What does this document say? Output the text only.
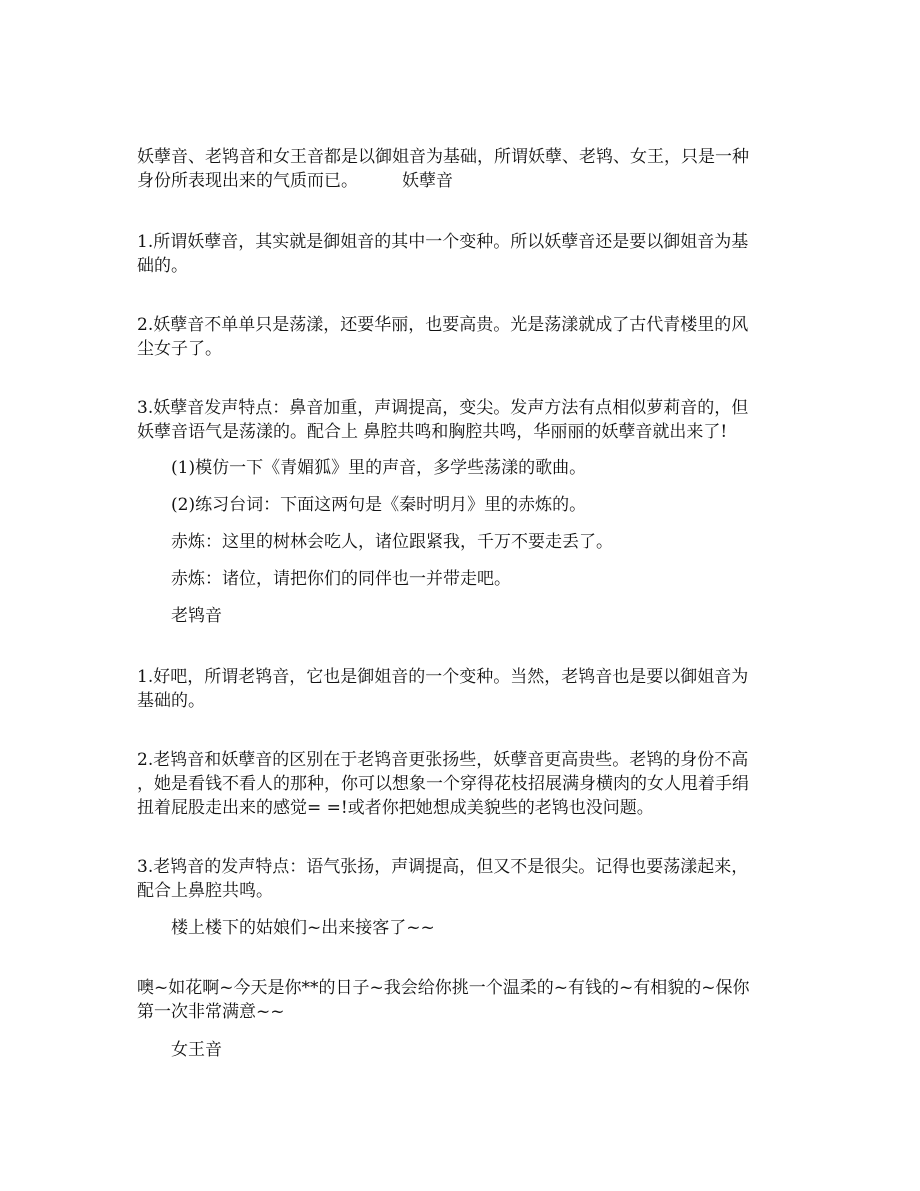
妖孽音、老鸨音和女王音都是以御姐音为基础，所谓妖孽、老鸨、女王，只是一种
身份所表现出来的气质而已。	妖孽音
1.所谓妖孽音，其实就是御姐音的其中一个变种。所以妖孽音还是要以御姐音为基
础的。
2.妖孽音不单单只是荡漾，还要华丽，也要高贵。光是荡漾就成了古代青楼里的风
尘女子了。
3.妖孽音发声特点：鼻音加重，声调提高，变尖。发声方法有点相似萝莉音的，但
妖孽音语气是荡漾的。配合上 鼻腔共鸣和胸腔共鸣，华丽丽的妖孽音就出来了!
(1)模仿一下《青媚狐》里的声音，多学些荡漾的歌曲。
(2)练习台词：下面这两句是《秦时明月》里的赤炼的。
赤炼：这里的树林会吃人，诸位跟紧我，千万不要走丢了。
赤炼：诸位，请把你们的同伴也一并带走吧。
老鸨音
1.好吧，所谓老鸨音，它也是御姐音的一个变种。当然，老鸨音也是要以御姐音为
基础的。
2.老鸨音和妖孽音的区别在于老鸨音更张扬些，妖孽音更高贵些。老鸨的身份不高
，她是看钱不看人的那种，你可以想象一个穿得花枝招展满身横肉的女人甩着手绢
扭着屁股走出来的感觉= =!或者你把她想成美貌些的老鸨也没问题。
3.老鸨音的发声特点：语气张扬，声调提高，但又不是很尖。记得也要荡漾起来，
配合上鼻腔共鸣。
楼上楼下的姑娘们~出来接客了~~
噢~如花啊~今天是你**的日子~我会给你挑一个温柔的~有钱的~有相貌的~保你
第一次非常满意~~
女王音
